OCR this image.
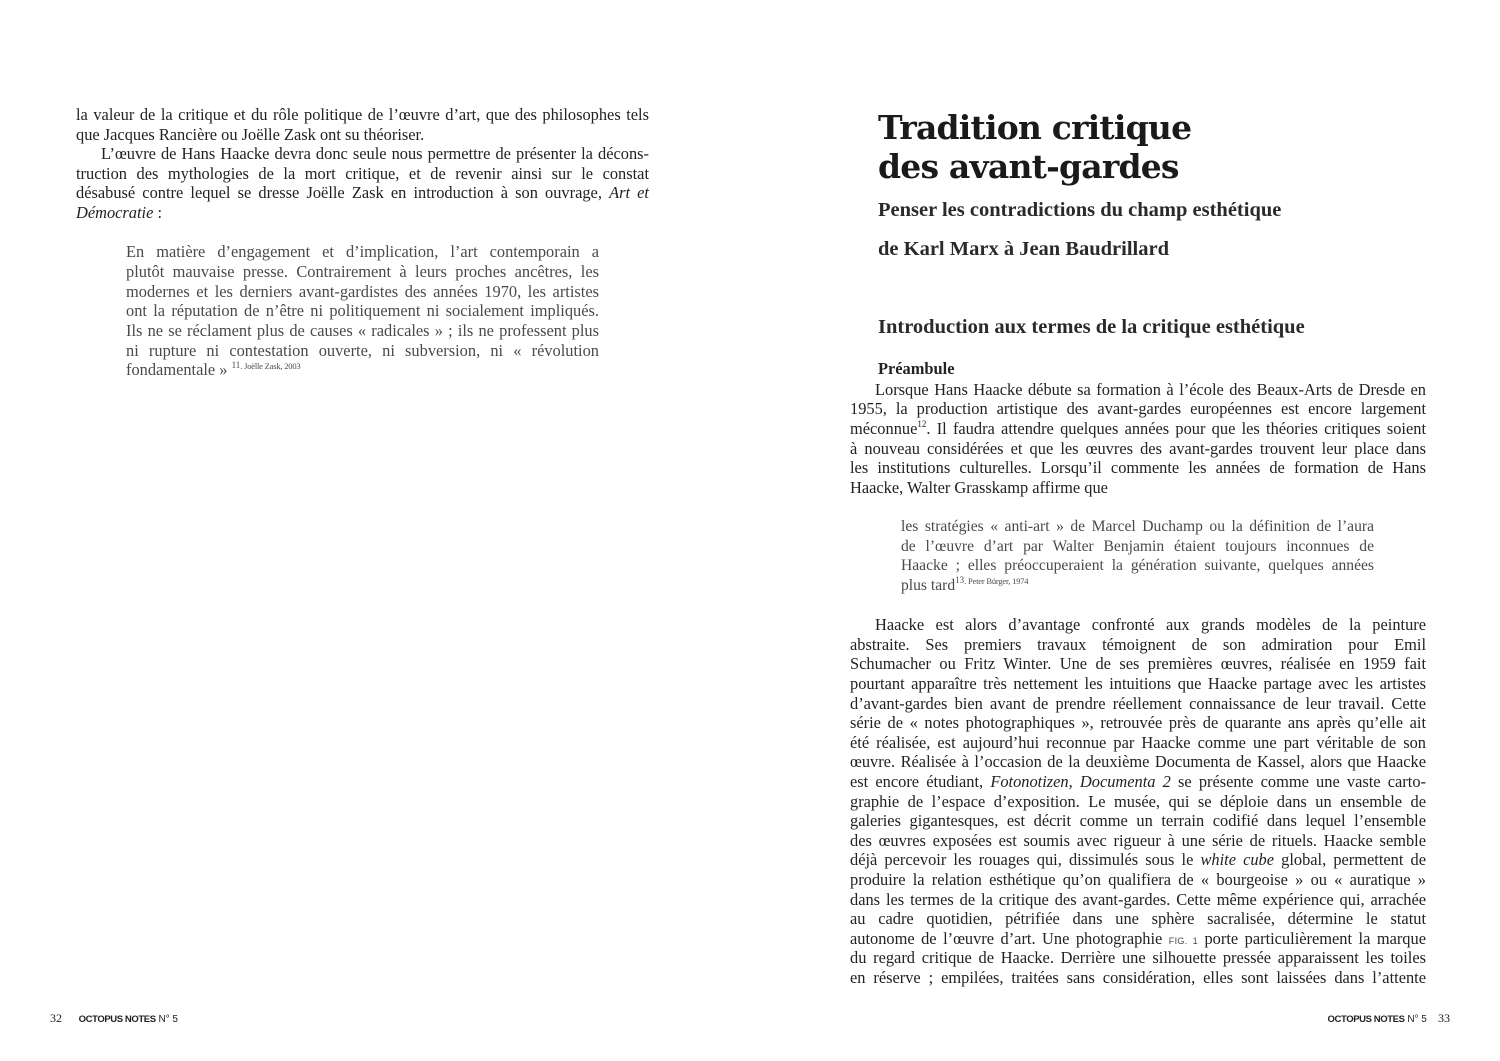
la valeur de la critique et du rôle politique de l’œuvre d’art, que des philosophes tels
que Jacques Rancière ou Joëlle Zask ont su théoriser.
L’œuvre de Hans Haacke devra donc seule nous permettre de présenter la décons-
truction des mythologies de la mort critique, et de revenir ainsi sur le constat
désabusé contre lequel se dresse Joëlle Zask en introduction à son ouvrage, Art et
Démocratie :
En matière d’engagement et d’implication, l’art contemporain a
plutôt mauvaise presse. Contrairement à leurs proches ancêtres, les
modernes et les derniers avant-gardistes des années 1970, les artistes
ont la réputation de n’être ni politiquement ni socialement impliqués.
Ils ne se réclament plus de causes « radicales » ; ils ne professent plus
ni rupture ni contestation ouverte, ni subversion, ni « révolution
fondamentale » $^{11. Joëlle Zask, 2003}$
32 OCTOPUS NOTES N° 5
Tradition critique
des avant-gardes
Penser les contradictions du champ esthétique
de Karl Marx à Jean Baudrillard
Introduction aux termes de la critique esthétique
Préambule
Lorsque Hans Haacke débute sa formation à l’école des Beaux-Arts de Dresde en
1955, la production artistique des avant-gardes européennes est encore largement
méconnue$^{12}$. Il faudra attendre quelques années pour que les théories critiques soient
à nouveau considérées et que les œuvres des avant-gardes trouvent leur place dans
les institutions culturelles. Lorsqu’il commente les années de formation de Hans
Haacke, Walter Grasskamp affirme que
les stratégies « anti-art » de Marcel Duchamp ou la définition de l’aura
de l’œuvre d’art par Walter Benjamin étaient toujours inconnues de
Haacke ; elles préoccuperaient la génération suivante, quelques années
plus tard$^{13. Peter Bürger, 1974}$
Haacke est alors d’avantage confronté aux grands modèles de la peinture
abstraite. Ses premiers travaux témoignent de son admiration pour Emil
Schumacher ou Fritz Winter. Une de ses premières œuvres, réalisée en 1959 fait
pourtant apparaître très nettement les intuitions que Haacke partage avec les artistes
d’avant-gardes bien avant de prendre réellement connaissance de leur travail. Cette
série de « notes photographiques », retrouvée près de quarante ans après qu’elle ait
été réalisée, est aujourd’hui reconnue par Haacke comme une part véritable de son
œuvre. Réalisée à l’occasion de la deuxième Documenta de Kassel, alors que Haacke
est encore étudiant, Fotonotizen, Documenta 2 se présente comme une vaste carto-
graphie de l’espace d’exposition. Le musée, qui se déploie dans un ensemble de
galeries gigantesques, est décrit comme un terrain codifié dans lequel l’ensemble
des œuvres exposées est soumis avec rigueur à une série de rituels. Haacke semble
déjà percevoir les rouages qui, dissimulés sous le white cube global, permettent de
produire la relation esthétique qu’on qualifiera de « bourgeoise » ou « auratique »
dans les termes de la critique des avant-gardes. Cette même expérience qui, arrachée
au cadre quotidien, pétrifiée dans une sphère sacralisée, détermine le statut
autonome de l’œuvre d’art. Une photographie FIG. 1 porte particulièrement la marque
du regard critique de Haacke. Derrière une silhouette pressée apparaissent les toiles
en réserve ; empilées, traitées sans considération, elles sont laissées dans l’attente
OCTOPUS NOTES N° 5 33
